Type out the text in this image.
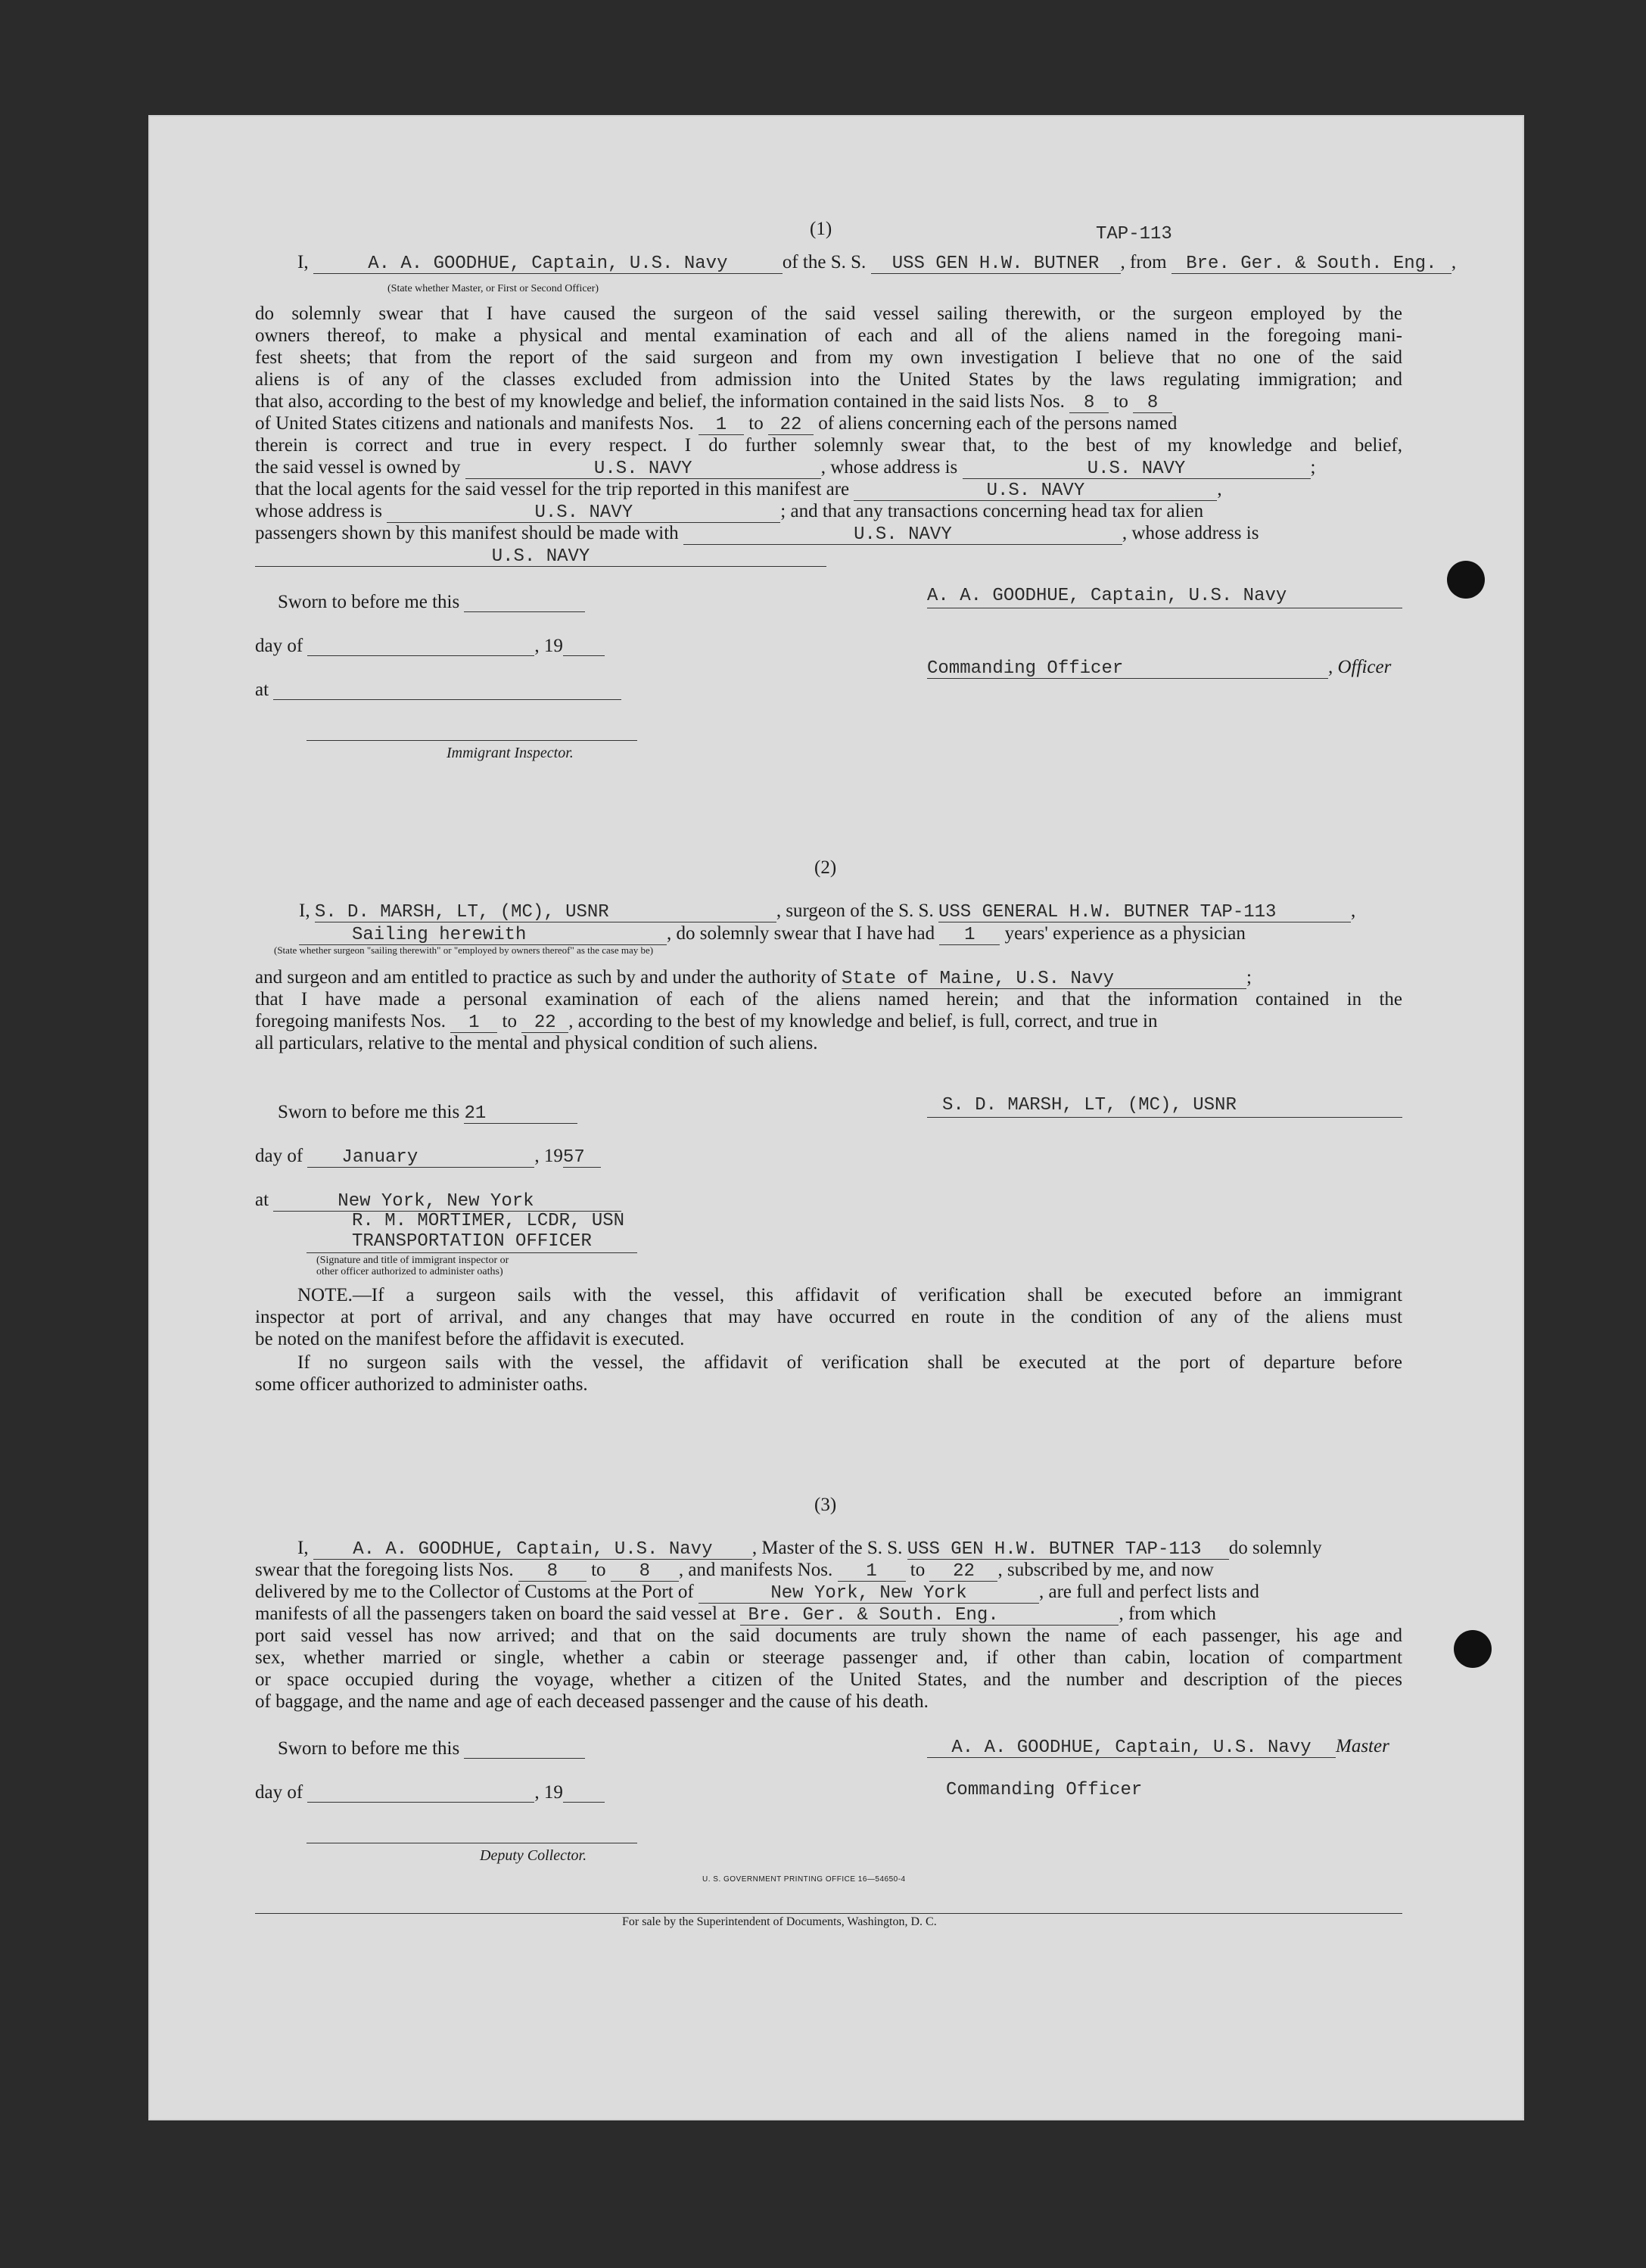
(1)	TAP-113
I,	A. A. GOODHUE, Captain, U.S. Navy	of the S. S. USS GEN H.W. BUTNER , from Bre. Ger. & South. Eng. ,
(State whether Master, or First or Second Officer)
do solemnly swear that I have caused the surgeon of the said vessel sailing therewith, or the surgeon employed by the
owners thereof, to make a physical and mental examination of each and all of the aliens named in the foregoing mani-
fest sheets; that from the report of the said surgeon and from my own investigation I believe that no one of the said
aliens is of any of the classes excluded from admission into the United States by the laws regulating immigration; and
that also, according to the best of my knowledge and belief, the information contained in the said lists Nos. 8 to 8
of United States citizens and nationals and manifests Nos. 1 to 22 of aliens concerning each of the persons named
therein is correct and true in every respect. I do further solemnly swear that, to the best of my knowledge and belief,
the said vessel is owned by	U.S. NAVY	, whose address is	U.S. NAVY	;
that the local agents for the said vessel for the trip reported in this manifest are	U.S. NAVY	,
whose address is	U.S. NAVY	; and that any transactions concerning head tax for alien
passengers shown by this manifest should be made with	U.S. NAVY	, whose address is
U.S. NAVY
Sworn to before me this
day of	, 19
at
Immigrant Inspector.
A. A. GOODHUE, Captain, U.S. Navy
Commanding Officer	, Officer
(2)
I, S. D. MARSH, LT, (MC), USNR	, surgeon of the S. S. USS GENERAL H.W. BUTNER TAP-113	,
Sailing herewith	, do solemnly swear that I have had 1 years' experience as a physician
(State whether surgeon "sailing therewith" or "employed by owners thereof" as the case may be)
and surgeon and am entitled to practice as such by and under the authority of State of Maine, U.S. Navy	;
that I have made a personal examination of each of the aliens named herein; and that the information contained in the
foregoing manifests Nos. 1 to 22 , according to the best of my knowledge and belief, is full, correct, and true in
all particulars, relative to the mental and physical condition of such aliens.
Sworn to before me this 21
day of January	, 1957
at	New York, New York
R. M. MORTIMER, LCDR, USN
TRANSPORTATION OFFICER
(Signature and title of immigrant inspector or
other officer authorized to administer oaths)
S. D. MARSH, LT, (MC), USNR
NOTE.—If a surgeon sails with the vessel, this affidavit of verification shall be executed before an immigrant
inspector at port of arrival, and any changes that may have occurred en route in the condition of any of the aliens must
be noted on the manifest before the affidavit is executed.
If no surgeon sails with the vessel, the affidavit of verification shall be executed at the port of departure before
some officer authorized to administer oaths.
(3)
I, A. A. GOODHUE, Captain, U.S. Navy , Master of the S. S. USS GEN H.W. BUTNER TAP-113 do solemnly
swear that the foregoing lists Nos. 8 to 8 , and manifests Nos. 1 to 22 , subscribed by me, and now
delivered by me to the Collector of Customs at the Port of	New York, New York	, are full and perfect lists and
manifests of all the passengers taken on board the said vessel at Bre. Ger. & South. Eng.	, from which
port said vessel has now arrived; and that on the said documents are truly shown the name of each passenger, his age and
sex, whether married or single, whether a cabin or steerage passenger and, if other than cabin, location of compartment
or space occupied during the voyage, whether a citizen of the United States, and the number and description of the pieces
of baggage, and the name and age of each deceased passenger and the cause of his death.
Sworn to before me this
day of	, 19
Deputy Collector.
A. A. GOODHUE, Captain, U.S. Navy Master
Commanding Officer
U. S. GOVERNMENT PRINTING OFFICE 16—54650-4
For sale by the Superintendent of Documents, Washington, D. C.
